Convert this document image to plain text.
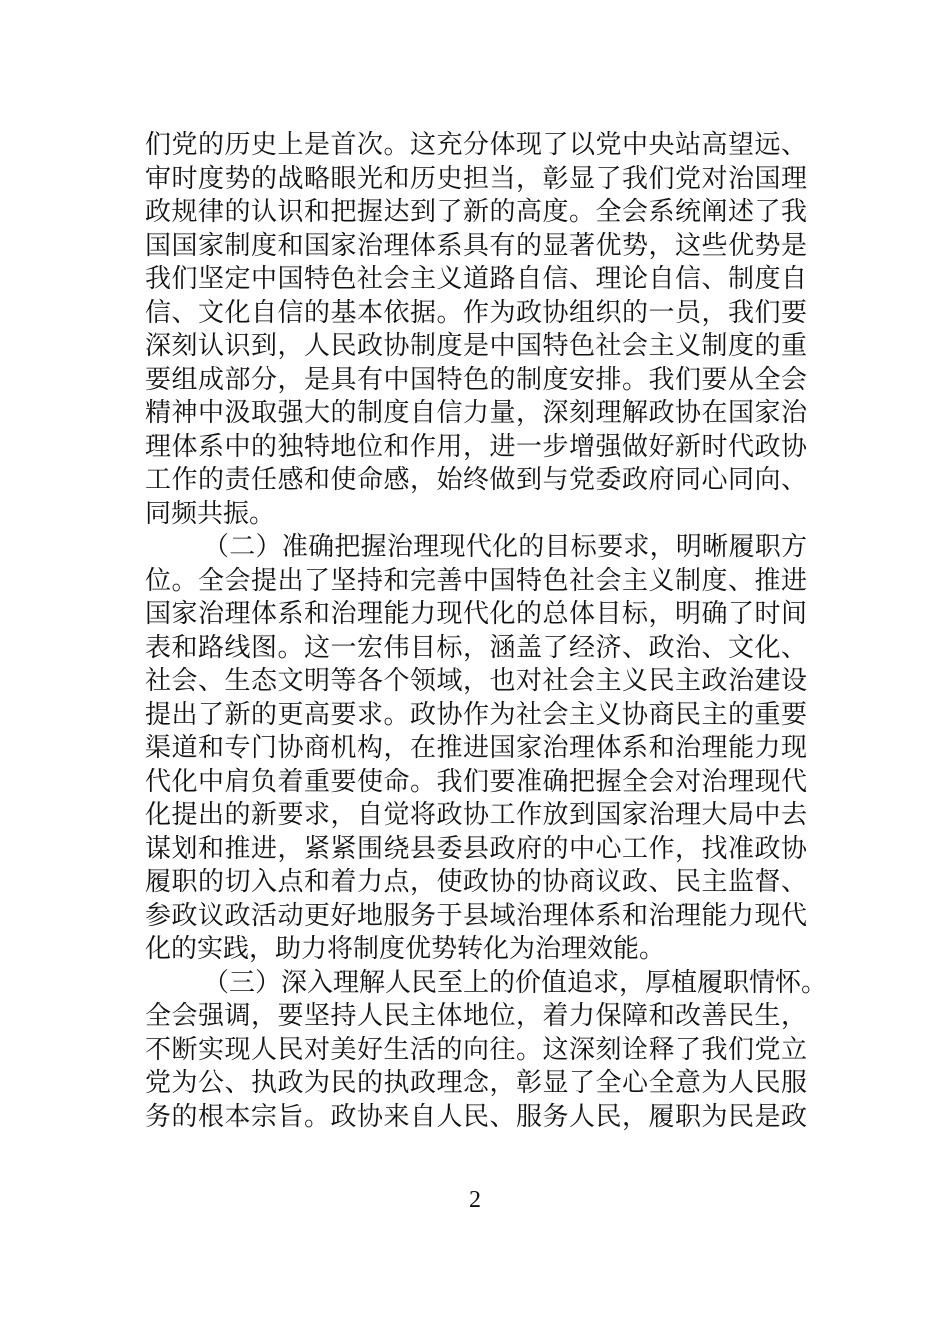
们党的历史上是首次。这充分体现了以党中央站高望远、
审时度势的战略眼光和历史担当，彰显了我们党对治国理
政规律的认识和把握达到了新的高度。全会系统阐述了我
国国家制度和国家治理体系具有的显著优势，这些优势是
我们坚定中国特色社会主义道路自信、理论自信、制度自
信、文化自信的基本依据。作为政协组织的一员，我们要
深刻认识到，人民政协制度是中国特色社会主义制度的重
要组成部分，是具有中国特色的制度安排。我们要从全会
精神中汲取强大的制度自信力量，深刻理解政协在国家治
理体系中的独特地位和作用，进一步增强做好新时代政协
工作的责任感和使命感，始终做到与党委政府同心同向、
同频共振。
（二）准确把握治理现代化的目标要求，明晰履职方
位。全会提出了坚持和完善中国特色社会主义制度、推进
国家治理体系和治理能力现代化的总体目标，明确了时间
表和路线图。这一宏伟目标，涵盖了经济、政治、文化、
社会、生态文明等各个领域，也对社会主义民主政治建设
提出了新的更高要求。政协作为社会主义协商民主的重要
渠道和专门协商机构，在推进国家治理体系和治理能力现
代化中肩负着重要使命。我们要准确把握全会对治理现代
化提出的新要求，自觉将政协工作放到国家治理大局中去
谋划和推进，紧紧围绕县委县政府的中心工作，找准政协
履职的切入点和着力点，使政协的协商议政、民主监督、
参政议政活动更好地服务于县域治理体系和治理能力现代
化的实践，助力将制度优势转化为治理效能。
（三）深入理解人民至上的价值追求，厚植履职情怀。
全会强调，要坚持人民主体地位，着力保障和改善民生，
不断实现人民对美好生活的向往。这深刻诠释了我们党立
党为公、执政为民的执政理念，彰显了全心全意为人民服
务的根本宗旨。政协来自人民、服务人民，履职为民是政
2
